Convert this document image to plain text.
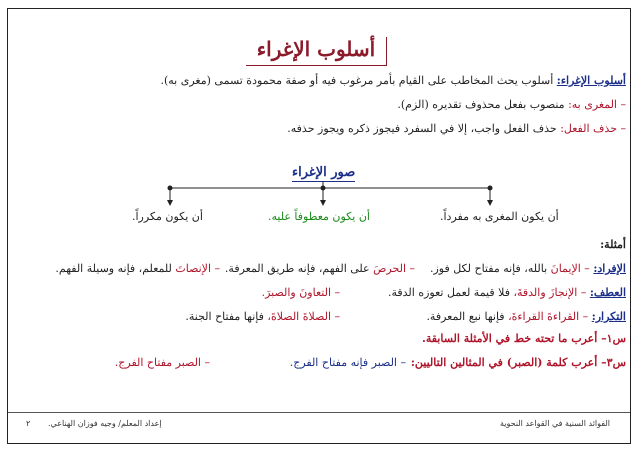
أسلوب الإغراء
أسلوب الإغراء: أسلوب يحث المخاطب على القيام بأمر مرغوب فيه أو صفة محمودة تسمى (مغرى به).
– المغرى به: منصوب بفعل محذوف تقديره (الزم).
– حذف الفعل: حذف الفعل واجب، إلا في السفرد فيجوز ذكره ويجوز حذفه.
صور الإغراء
أن يكون المغرى به مفرداً.
أن يكون معطوفاً عليه.
أن يكون مكرراً.
أمثلة:
الإفراد: – الإيمانَ بالله، فإنه مفتاح لكل فوز.
– الحرصَ على الفهم، فإنه طريق المعرفة.
– الإنصاتَ للمعلم، فإنه وسيلة الفهم.
العطف: – الإنجازَ والدقةَ، فلا قيمة لعمل تعوزه الدقة.
– التعاونَ والصبرَ.
التكرار: – القراءةَ القراءةَ، فإنها نبع المعرفة.
– الصلاةَ الصلاةَ، فإنها مفتاح الجنة.
س١– أعرب ما تحته خط في الأمثلة السابقة.
س٣– أعرب كلمة (الصبر) في المثالين التاليين:
– الصبر فإنه مفتاح الفرج.
– الصبر مفتاح الفرج.
الفوائد السنية في القواعد النحوية
إعداد المعلم/ وجيه فوزان الهناعي.
٢
